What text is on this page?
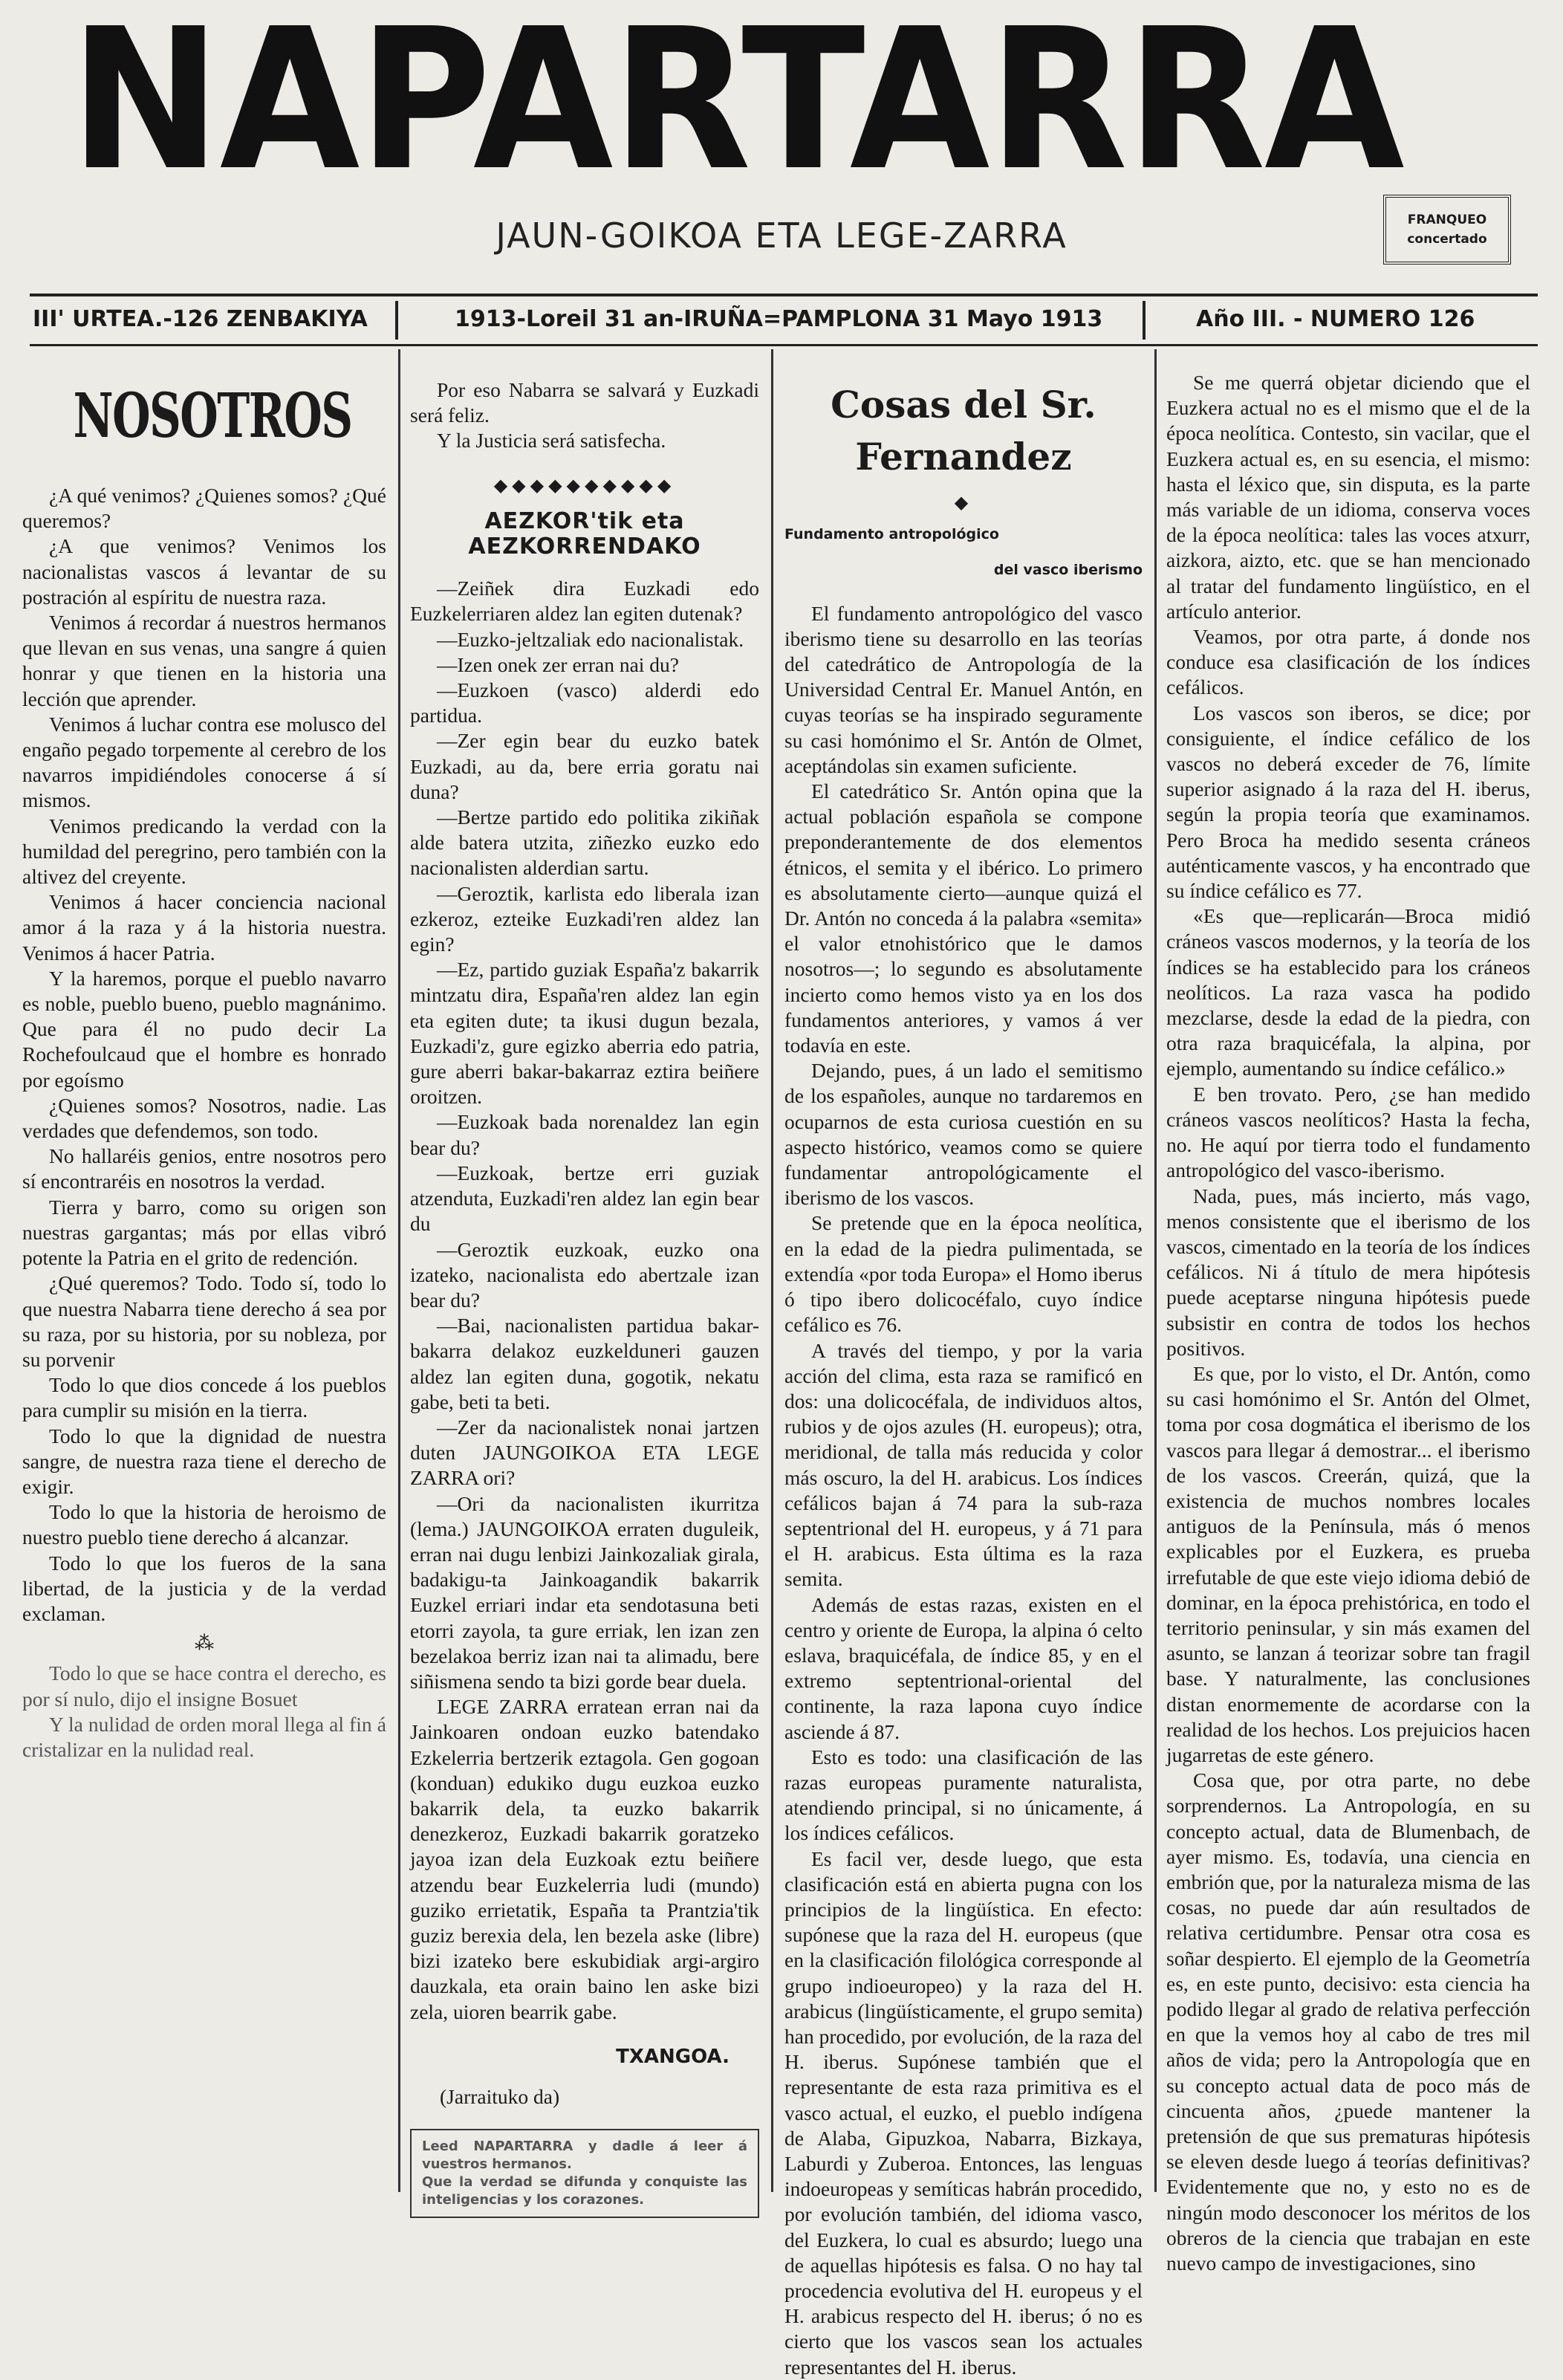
NAPARTARRA
JAUN-GOIKOA ETA LEGE-ZARRA	FRANQUEO
concertado
III' URTEA.-126 ZENBAKIYA	1913-Loreil 31 an-IRUÑA=PAMPLONA 31 Mayo 1913	Año III. - NUMERO 126
NOSOTROS

¿A qué venimos? ¿Quienes somos? ¿Qué queremos?

¿A que venimos? Venimos los nacionalistas vascos á levantar de su postración al espíritu de nuestra raza.

Venimos á recordar á nuestros hermanos que llevan en sus venas, una sangre á quien honrar y que tienen en la historia una lección que aprender.

Venimos á luchar contra ese molusco del engaño pegado torpemente al cerebro de los navarros impidiéndoles conocerse á sí mismos.

Venimos predicando la verdad con la humildad del peregrino, pero también con la altivez del creyente.

Venimos á hacer conciencia nacional amor á la raza y á la historia nuestra. Venimos á hacer Patria.

Y la haremos, porque el pueblo navarro es noble, pueblo bueno, pueblo magnánimo. Que para él no pudo decir La Rochefoulcaud que el hombre es honrado por egoísmo

¿Quienes somos? Nosotros, nadie. Las verdades que defendemos, son todo.

No hallaréis genios, entre nosotros pero sí encontraréis en nosotros la verdad.

Tierra y barro, como su origen son nuestras gargantas; más por ellas vibró potente la Patria en el grito de redención.

¿Qué queremos? Todo. Todo sí, todo lo que nuestra Nabarra tiene derecho á sea por su raza, por su historia, por su nobleza, por su porvenir

Todo lo que dios concede á los pueblos para cumplir su misión en la tierra.

Todo lo que la dignidad de nuestra sangre, de nuestra raza tiene el derecho de exigir.

Todo lo que la historia de heroismo de nuestro pueblo tiene derecho á alcanzar.

Todo lo que los fueros de la sana libertad, de la justicia y de la verdad exclaman.

⁂

Todo lo que se hace contra el derecho, es por sí nulo, dijo el insigne Bosuet

Y la nulidad de orden moral llega al fin á cristalizar en la nulidad real.

Por eso Nabarra se salvará y Euzkadi será feliz.

Y la Justicia será satisfecha.

◆◆◆◆◆◆◆◆◆◆
AEZKOR'tik eta AEZKORRENDAKO

—Zeiñek dira Euzkadi edo Euzkelerriaren aldez lan egiten dutenak?

—Euzko-jeltzaliak edo nacionalistak.

—Izen onek zer erran nai du?

—Euzkoen (vasco) alderdi edo partidua.

—Zer egin bear du euzko batek Euzkadi, au da, bere erria goratu nai duna?

—Bertze partido edo politika zikiñak alde batera utzita, ziñezko euzko edo nacionalisten alderdian sartu.

—Geroztik, karlista edo liberala izan ezkeroz, ezteike Euzkadi'ren aldez lan egin?

—Ez, partido guziak España'z bakarrik mintzatu dira, España'ren aldez lan egin eta egiten dute; ta ikusi dugun bezala, Euzkadi'z, gure egizko aberria edo patria, gure aberri bakar-bakarraz eztira beiñere oroitzen.

—Euzkoak bada norenaldez lan egin bear du?

—Euzkoak, bertze erri guziak atzenduta, Euzkadi'ren aldez lan egin bear du

—Geroztik euzkoak, euzko ona izateko, nacionalista edo abertzale izan bear du?

—Bai, nacionalisten partidua bakar-bakarra delakoz euzkelduneri gauzen aldez lan egiten duna, gogotik, nekatu gabe, beti ta beti.

—Zer da nacionalistek nonai jartzen duten JAUNGOIKOA ETA LEGE ZARRA ori?

—Ori da nacionalisten ikurritza (lema.) JAUNGOIKOA erraten duguleik, erran nai dugu lenbizi Jainkozaliak girala, badakigu-ta Jainkoagandik bakarrik Euzkel erriari indar eta sendotasuna beti etorri zayola, ta gure erriak, len izan zen bezelakoa berriz izan nai ta alimadu, bere siñismena sendo ta bizi gorde bear duela.

LEGE ZARRA erratean erran nai da Jainkoaren ondoan euzko batendako Ezkelerria bertzerik eztagola. Gen gogoan (konduan) edukiko dugu euzkoa euzko bakarrik dela, ta euzko bakarrik denezkeroz, Euzkadi bakarrik goratzeko jayoa izan dela Euzkoak eztu beiñere atzendu bear Euzkelerria ludi (mundo) guziko errietatik, España ta Prantzia'tik guziz berexia dela, len bezela aske (libre) bizi izateko bere eskubidiak argi-argiro dauzkala, eta orain baino len aske bizi zela, uioren bearrik gabe.

TXANGOA.
(Jarraituko da)
Leed NAPARTARRA y dadle á leer á vuestros hermanos.
Que la verdad se difunda y conquiste las inteligencias y los corazones.
Cosas del Sr. Fernandez
◆
Fundamento antropológico
del vasco iberismo

El fundamento antropológico del vasco iberismo tiene su desarrollo en las teorías del catedrático de Antropología de la Universidad Central Er. Manuel Antón, en cuyas teorías se ha inspirado seguramente su casi homónimo el Sr. Antón de Olmet, aceptándolas sin examen suficiente.

El catedrático Sr. Antón opina que la actual población española se compone preponderantemente de dos elementos étnicos, el semita y el ibérico. Lo primero es absolutamente cierto—aunque quizá el Dr. Antón no conceda á la palabra «semita» el valor etnohistórico que le damos nosotros—; lo segundo es absolutamente incierto como hemos visto ya en los dos fundamentos anteriores, y vamos á ver todavía en este.

Dejando, pues, á un lado el semitismo de los españoles, aunque no tardaremos en ocuparnos de esta curiosa cuestión en su aspecto histórico, veamos como se quiere fundamentar antropológicamente el iberismo de los vascos.

Se pretende que en la época neolítica, en la edad de la piedra pulimentada, se extendía «por toda Europa» el Homo iberus ó tipo ibero dolicocéfalo, cuyo índice cefálico es 76.

A través del tiempo, y por la varia acción del clima, esta raza se ramificó en dos: una dolicocéfala, de individuos altos, rubios y de ojos azules (H. europeus); otra, meridional, de talla más reducida y color más oscuro, la del H. arabicus. Los índices cefálicos bajan á 74 para la sub-raza septentrional del H. europeus, y á 71 para el H. arabicus. Esta última es la raza semita.

Además de estas razas, existen en el centro y oriente de Europa, la alpina ó celto eslava, braquicéfala, de índice 85, y en el extremo septentrional-oriental del continente, la raza lapona cuyo índice asciende á 87.

Esto es todo: una clasificación de las razas europeas puramente naturalista, atendiendo principal, si no únicamente, á los índices cefálicos.

Es facil ver, desde luego, que esta clasificación está en abierta pugna con los principios de la lingüística. En efecto: supónese que la raza del H. europeus (que en la clasificación filológica corresponde al grupo indioeuropeo) y la raza del H. arabicus (lingüísticamente, el grupo semita) han procedido, por evolución, de la raza del H. iberus. Supónese también que el representante de esta raza primitiva es el vasco actual, el euzko, el pueblo indígena de Alaba, Gipuzkoa, Nabarra, Bizkaya, Laburdi y Zuberoa. Entonces, las lenguas indoeuropeas y semíticas habrán procedido, por evolución también, del idioma vasco, del Euzkera, lo cual es absurdo; luego una de aquellas hipótesis es falsa. O no hay tal procedencia evolutiva del H. europeus y el H. arabicus respecto del H. iberus; ó no es cierto que los vascos sean los actuales representantes del H. iberus.

Se me querrá objetar diciendo que el Euzkera actual no es el mismo que el de la época neolítica. Contesto, sin vacilar, que el Euzkera actual es, en su esencia, el mismo: hasta el léxico que, sin disputa, es la parte más variable de un idioma, conserva voces de la época neolítica: tales las voces atxurr, aizkora, aizto, etc. que se han mencionado al tratar del fundamento lingüístico, en el artículo anterior.

Veamos, por otra parte, á donde nos conduce esa clasificación de los índices cefálicos.

Los vascos son iberos, se dice; por consiguiente, el índice cefálico de los vascos no deberá exceder de 76, límite superior asignado á la raza del H. iberus, según la propia teoría que examinamos. Pero Broca ha medido sesenta cráneos auténticamente vascos, y ha encontrado que su índice cefálico es 77.

«Es que—replicarán—Broca midió cráneos vascos modernos, y la teoría de los índices se ha establecido para los cráneos neolíticos. La raza vasca ha podido mezclarse, desde la edad de la piedra, con otra raza braquicéfala, la alpina, por ejemplo, aumentando su índice cefálico.»

E ben trovato. Pero, ¿se han medido cráneos vascos neolíticos? Hasta la fecha, no. He aquí por tierra todo el fundamento antropológico del vasco-iberismo.

Nada, pues, más incierto, más vago, menos consistente que el iberismo de los vascos, cimentado en la teoría de los índices cefálicos. Ni á título de mera hipótesis puede aceptarse ninguna hipótesis puede subsistir en contra de todos los hechos positivos.

Es que, por lo visto, el Dr. Antón, como su casi homónimo el Sr. Antón del Olmet, toma por cosa dogmática el iberismo de los vascos para llegar á demostrar... el iberismo de los vascos. Creerán, quizá, que la existencia de muchos nombres locales antiguos de la Península, más ó menos explicables por el Euzkera, es prueba irrefutable de que este viejo idioma debió de dominar, en la época prehistórica, en todo el territorio peninsular, y sin más examen del asunto, se lanzan á teorizar sobre tan fragil base. Y naturalmente, las conclusiones distan enormemente de acordarse con la realidad de los hechos. Los prejuicios hacen jugarretas de este género.

Cosa que, por otra parte, no debe sorprendernos. La Antropología, en su concepto actual, data de Blumenbach, de ayer mismo. Es, todavía, una ciencia en embrión que, por la naturaleza misma de las cosas, no puede dar aún resultados de relativa certidumbre. Pensar otra cosa es soñar despierto. El ejemplo de la Geometría es, en este punto, decisivo: esta ciencia ha podido llegar al grado de relativa perfección en que la vemos hoy al cabo de tres mil años de vida; pero la Antropología que en su concepto actual data de poco más de cincuenta años, ¿puede mantener la pretensión de que sus prematuras hipótesis se eleven desde luego á teorías definitivas? Evidentemente que no, y esto no es de ningún modo desconocer los méritos de los obreros de la ciencia que trabajan en este nuevo campo de investigaciones, sino
